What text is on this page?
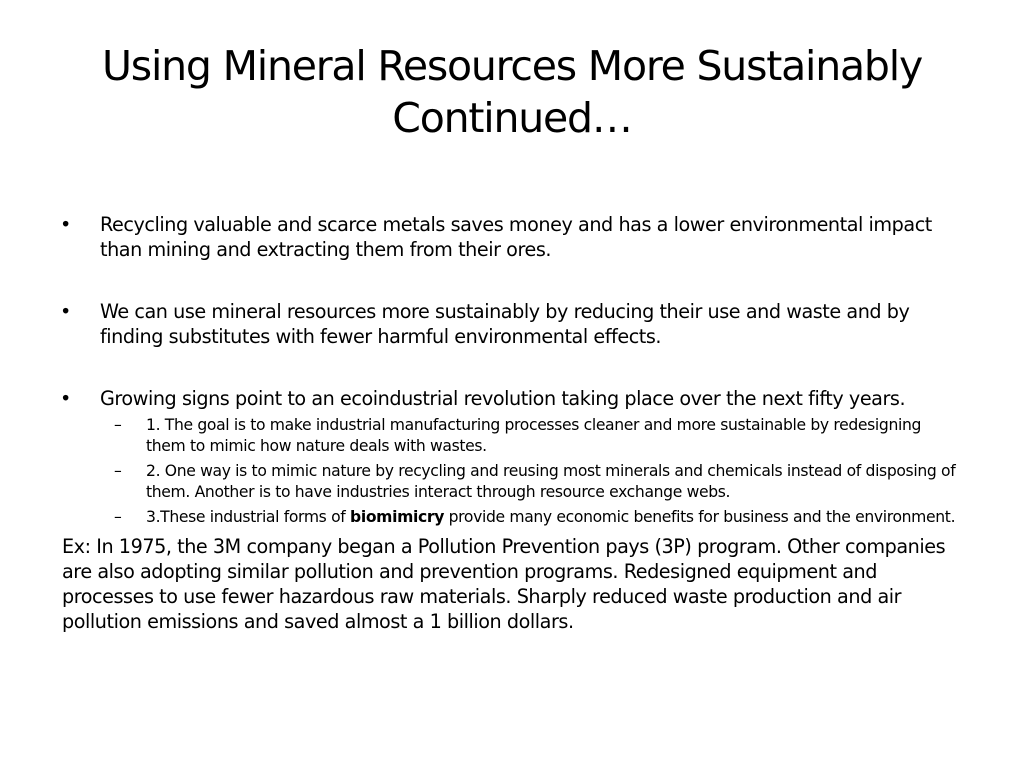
Using Mineral Resources More Sustainably
Continued…

• Recycling valuable and scarce metals saves money and has a lower environmental impact than mining and extracting them from their ores.

• We can use mineral resources more sustainably by reducing their use and waste and by finding substitutes with fewer harmful environmental effects.

• Growing signs point to an ecoindustrial revolution taking place over the next fifty years.

– 1. The goal is to make industrial manufacturing processes cleaner and more sustainable by redesigning them to mimic how nature deals with wastes.

– 2. One way is to mimic nature by recycling and reusing most minerals and chemicals instead of disposing of them. Another is to have industries interact through resource exchange webs.

– 3.These industrial forms of biomimicry provide many economic benefits for business and the environment.

Ex: In 1975, the 3M company began a Pollution Prevention pays (3P) program. Other companies are also adopting similar pollution and prevention programs. Redesigned equipment and processes to use fewer hazardous raw materials. Sharply reduced waste production and air pollution emissions and saved almost a 1 billion dollars.
